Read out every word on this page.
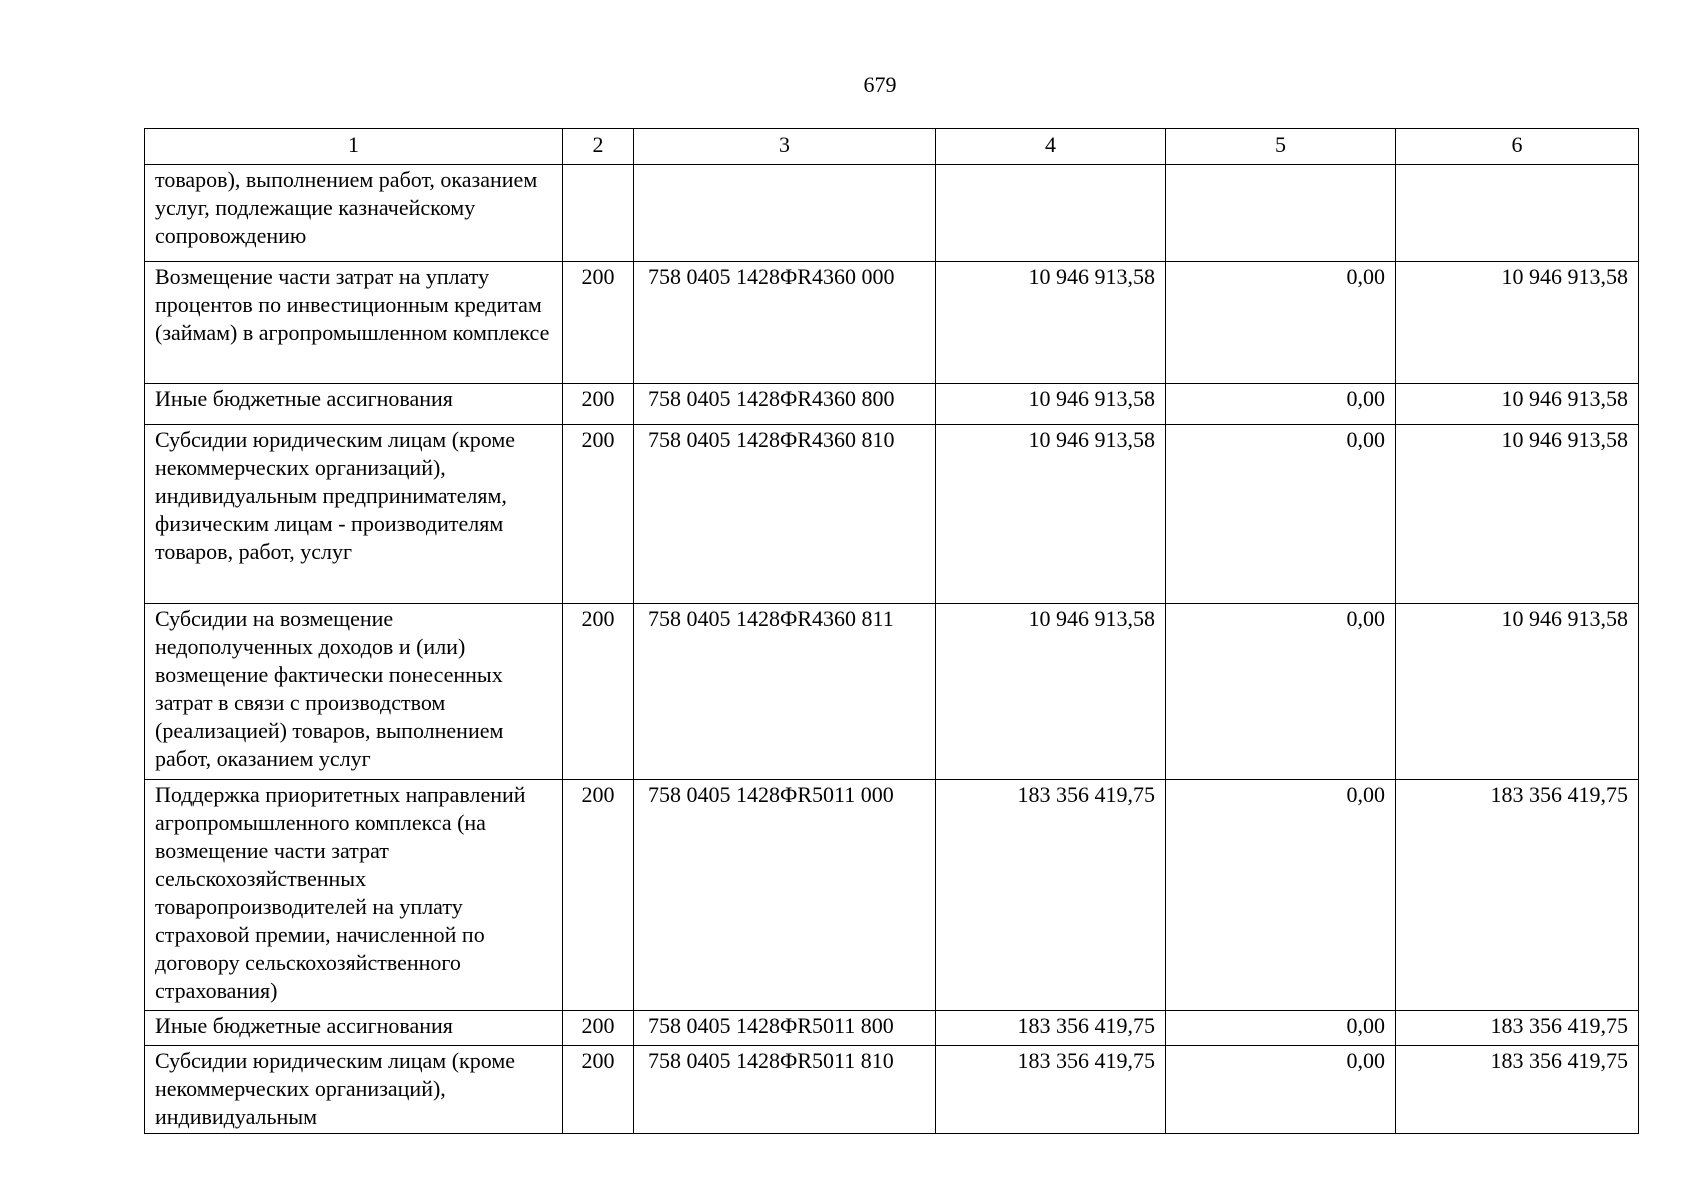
679
1	2	3	4	5	6
товаров), выполнением работ, оказанием услуг, подлежащие казначейскому сопровождению					
Возмещение части затрат на уплату процентов по инвестиционным кредитам (займам) в агропромышленном комплексе	200	758 0405 1428ФR4360 000	10 946 913,58	0,00	10 946 913,58
Иные бюджетные ассигнования	200	758 0405 1428ФR4360 800	10 946 913,58	0,00	10 946 913,58
Субсидии юридическим лицам (кроме некоммерческих организаций), индивидуальным предпринимателям, физическим лицам - производителям товаров, работ, услуг	200	758 0405 1428ФR4360 810	10 946 913,58	0,00	10 946 913,58
Субсидии на возмещение недополученных доходов и (или) возмещение фактически понесенных затрат в связи с производством (реализацией) товаров, выполнением работ, оказанием услуг	200	758 0405 1428ФR4360 811	10 946 913,58	0,00	10 946 913,58
Поддержка приоритетных направлений агропромышленного комплекса (на возмещение части затрат сельскохозяйственных товаропроизводителей на уплату страховой премии, начисленной по договору сельскохозяйственного страхования)	200	758 0405 1428ФR5011 000	183 356 419,75	0,00	183 356 419,75
Иные бюджетные ассигнования	200	758 0405 1428ФR5011 800	183 356 419,75	0,00	183 356 419,75
Субсидии юридическим лицам (кроме некоммерческих организаций), индивидуальным	200	758 0405 1428ФR5011 810	183 356 419,75	0,00	183 356 419,75
